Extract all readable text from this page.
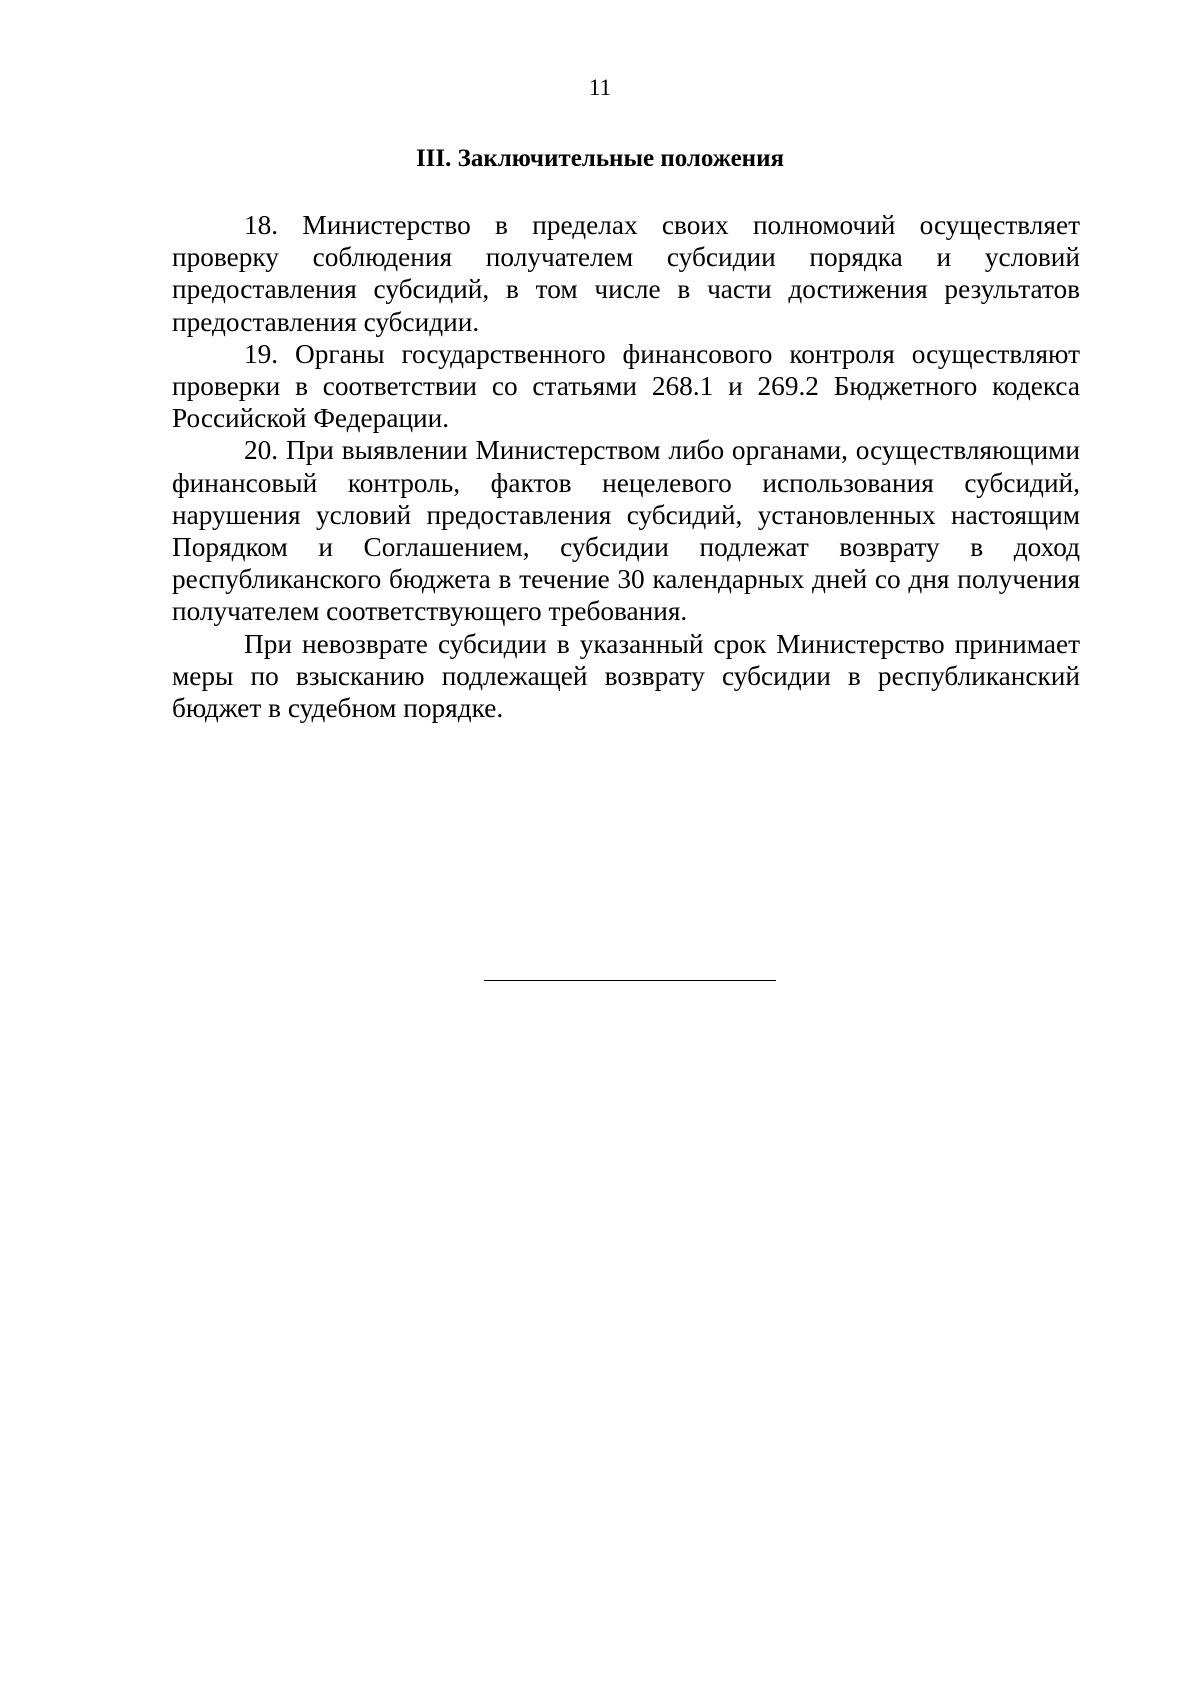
11
III. Заключительные положения

18. Министерство в пределах своих полномочий осуществляет проверку соблюдения получателем субсидии порядка и условий предоставления субсидий, в том числе в части достижения результатов предоставления субсидии.

19. Органы государственного финансового контроля осуществляют проверки в соответствии со статьями 268.1 и 269.2 Бюджетного кодекса Российской Федерации.

20. При выявлении Министерством либо органами, осуществляющими финансовый контроль, фактов нецелевого использования субсидий, нарушения условий предоставления субсидий, установленных настоящим Порядком и Соглашением, субсидии подлежат возврату в доход республиканского бюджета в течение 30 календарных дней со дня получения получателем соответствующего требования.

При невозврате субсидии в указанный срок Министерство принимает меры по взысканию подлежащей возврату субсидии в республиканский бюджет в судебном порядке.
